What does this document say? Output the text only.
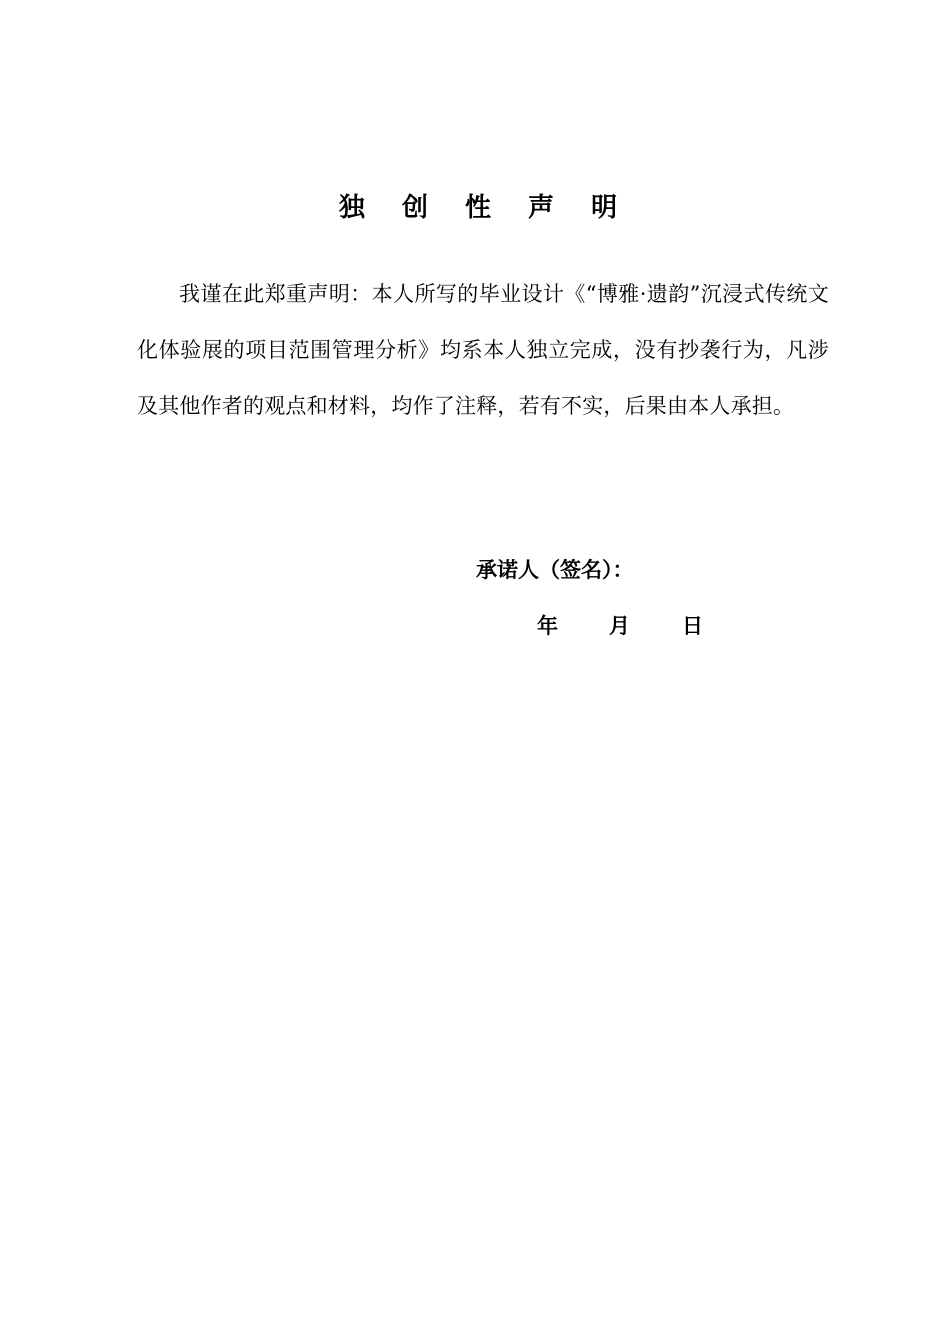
独 创 性 声 明

我谨在此郑重声明：本人所写的毕业设计《“博雅·遗韵”沉浸式传统文化体验展的项目范围管理分析》均系本人独立完成，没有抄袭行为，凡涉及其他作者的观点和材料，均作了注释，若有不实，后果由本人承担。

承诺人（签名）：
年 月 日
